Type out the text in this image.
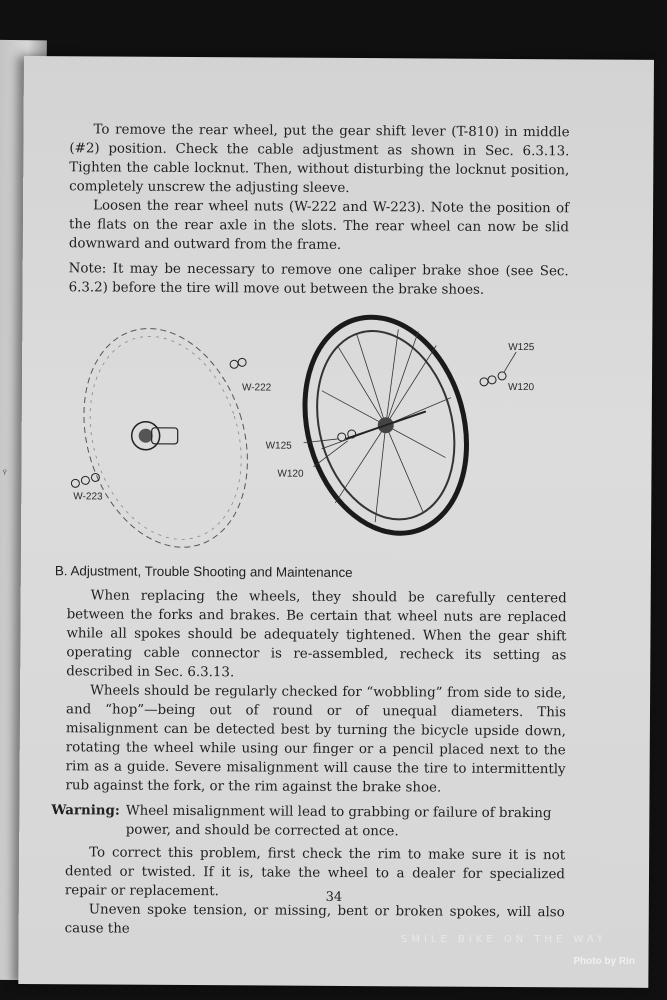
Ÿ

To remove the rear wheel, put the gear shift lever (T-810) in middle (#2) position. Check the cable adjustment as shown in Sec. 6.3.13. Tighten the cable locknut. Then, without disturbing the locknut position, completely unscrew the adjusting sleeve.

Loosen the rear wheel nuts (W-222 and W-223). Note the position of the flats on the rear axle in the slots. The rear wheel can now be slid downward and outward from the frame.

Note: It may be necessary to remove one caliper brake shoe (see Sec. 6.3.2) before the tire will move out between the brake shoes.

W-222
W-223
W125
W120
W125
W120
B. Adjustment, Trouble Shooting and Maintenance

When replacing the wheels, they should be carefully centered between the forks and brakes. Be certain that wheel nuts are replaced while all spokes should be adequately tightened. When the gear shift operating cable connector is re-assembled, recheck its setting as described in Sec. 6.3.13.

Wheels should be regularly checked for “wobbling” from side to side, and “hop”—being out of round or of unequal diameters. This misalignment can be detected best by turning the bicycle upside down, rotating the wheel while using our finger or a pencil placed next to the rim as a guide. Severe misalignment will cause the tire to intermittently rub against the fork, or the rim against the brake shoe.

Warning: Wheel misalignment will lead to grabbing or failure of braking power, and should be corrected at once.

To correct this problem, first check the rim to make sure it is not dented or twisted. If it is, take the wheel to a dealer for specialized repair or replacement.

Uneven spoke tension, or missing, bent or broken spokes, will also cause the

34
SMILE BIKE ON THE WAY
Photo by Rin
